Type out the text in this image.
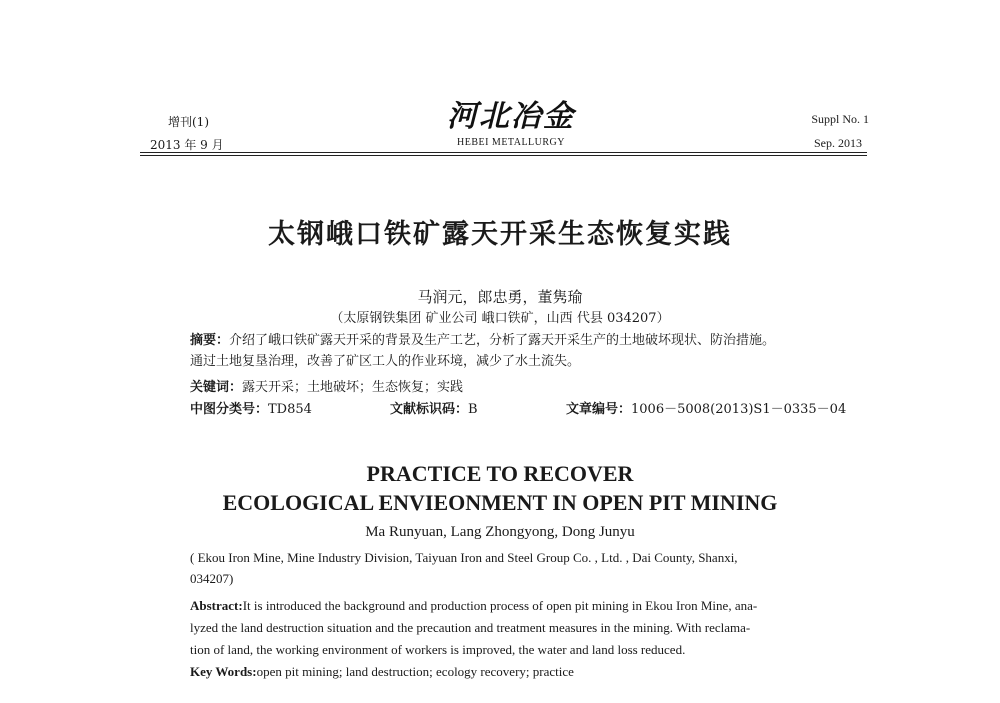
增刊(1)
2013 年 9 月
河北冶金
HEBEI METALLURGY
Suppl No. 1
Sep. 2013
太钢峨口铁矿露天开采生态恢复实践
马润元，郎忠勇，董隽瑜
（太原钢铁集团 矿业公司 峨口铁矿，山西 代县 034207）
摘要：介绍了峨口铁矿露天开采的背景及生产工艺，分析了露天开采生产的土地破坏现状、防治措施。
通过土地复垦治理，改善了矿区工人的作业环境，减少了水土流失。
关键词：露天开采；土地破坏；生态恢复；实践
中图分类号：TD854	文献标识码：B	文章编号：1006－5008(2013)S1－0335－04
PRACTICE TO RECOVER
ECOLOGICAL ENVIEONMENT IN OPEN PIT MINING
Ma Runyuan, Lang Zhongyong, Dong Junyu
( Ekou Iron Mine, Mine Industry Division, Taiyuan Iron and Steel Group Co. , Ltd. , Dai County, Shanxi,
034207)
Abstract:It is introduced the background and production process of open pit mining in Ekou Iron Mine, ana-
lyzed the land destruction situation and the precaution and treatment measures in the mining. With reclama-
tion of land, the working environment of workers is improved, the water and land loss reduced.
Key Words:open pit mining; land destruction; ecology recovery; practice
